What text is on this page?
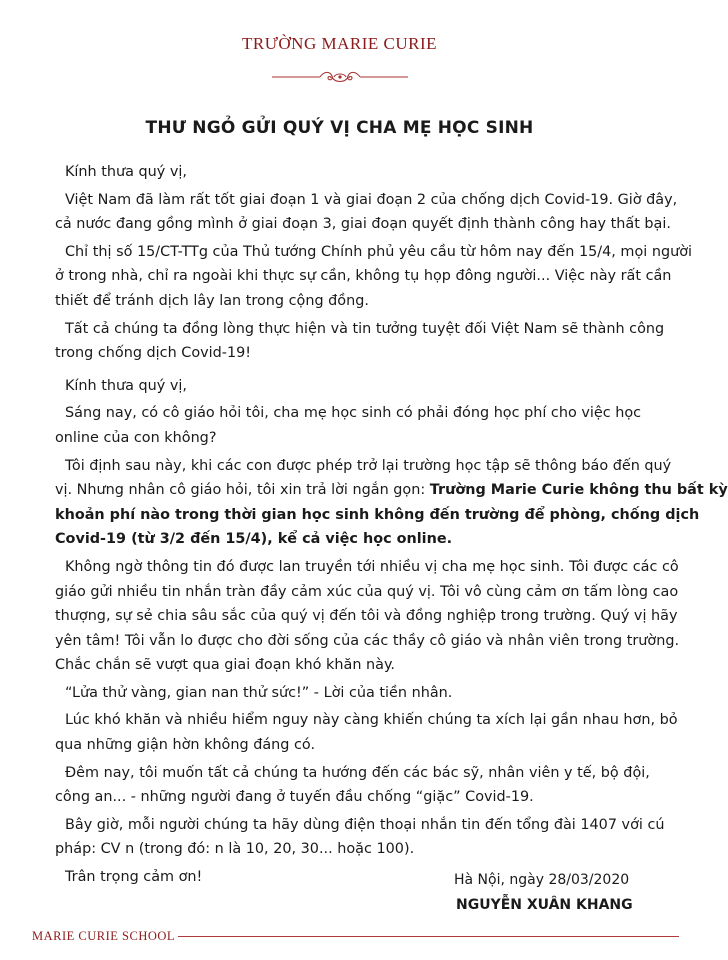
TRƯỜNG MARIE CURIE
THƯ NGỎ GỬI QUÝ VỊ CHA MẸ HỌC SINH

Kính thưa quý vị,

Việt Nam đã làm rất tốt giai đoạn 1 và giai đoạn 2 của chống dịch Covid-19. Giờ đây,
cả nước đang gồng mình ở giai đoạn 3, giai đoạn quyết định thành công hay thất bại.

Chỉ thị số 15/CT-TTg của Thủ tướng Chính phủ yêu cầu từ hôm nay đến 15/4, mọi người
ở trong nhà, chỉ ra ngoài khi thực sự cần, không tụ họp đông người... Việc này rất cần
thiết để tránh dịch lây lan trong cộng đồng.

Tất cả chúng ta đồng lòng thực hiện và tin tưởng tuyệt đối Việt Nam sẽ thành công
trong chống dịch Covid-19!

Kính thưa quý vị,

Sáng nay, có cô giáo hỏi tôi, cha mẹ học sinh có phải đóng học phí cho việc học
online của con không?

Tôi định sau này, khi các con được phép trở lại trường học tập sẽ thông báo đến quý
vị. Nhưng nhân cô giáo hỏi, tôi xin trả lời ngắn gọn: Trường Marie Curie không thu bất kỳ
khoản phí nào trong thời gian học sinh không đến trường để phòng, chống dịch
Covid-19 (từ 3/2 đến 15/4), kể cả việc học online.

Không ngờ thông tin đó được lan truyền tới nhiều vị cha mẹ học sinh. Tôi được các cô
giáo gửi nhiều tin nhắn tràn đầy cảm xúc của quý vị. Tôi vô cùng cảm ơn tấm lòng cao
thượng, sự sẻ chia sâu sắc của quý vị đến tôi và đồng nghiệp trong trường. Quý vị hãy
yên tâm! Tôi vẫn lo được cho đời sống của các thầy cô giáo và nhân viên trong trường.
Chắc chắn sẽ vượt qua giai đoạn khó khăn này.

“Lửa thử vàng, gian nan thử sức!” - Lời của tiền nhân.

Lúc khó khăn và nhiều hiểm nguy này càng khiến chúng ta xích lại gần nhau hơn, bỏ
qua những giận hờn không đáng có.

Đêm nay, tôi muốn tất cả chúng ta hướng đến các bác sỹ, nhân viên y tế, bộ đội,
công an... - những người đang ở tuyến đầu chống “giặc” Covid-19.

Bây giờ, mỗi người chúng ta hãy dùng điện thoại nhắn tin đến tổng đài 1407 với cú
pháp: CV n (trong đó: n là 10, 20, 30... hoặc 100).

Trân trọng cảm ơn!	Hà Nội, ngày 28/03/2020
NGUYỄN XUÂN KHANG
MARIE CURIE SCHOOL
